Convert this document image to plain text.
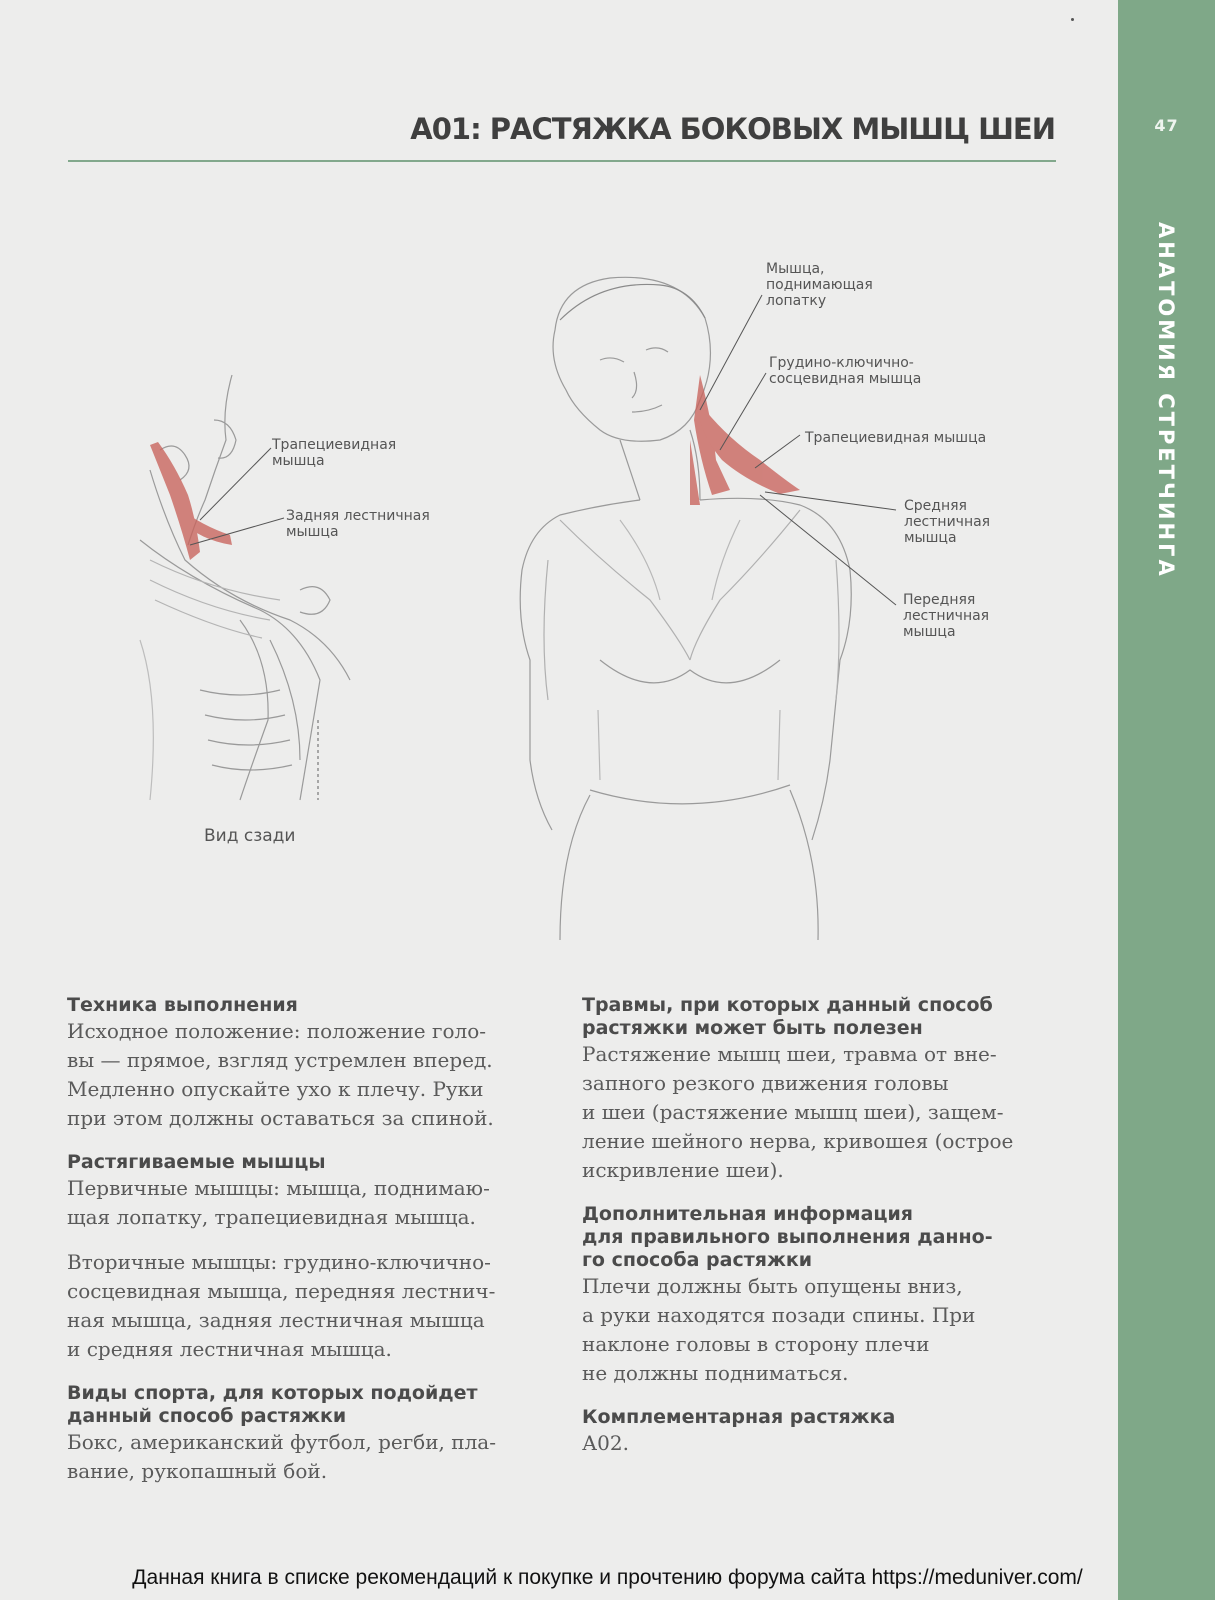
47
АНАТОМИЯ СТРЕТЧИНГА
A01: РАСТЯЖКА БОКОВЫХ МЫШЦ ШЕИ
Трапециевидная
мышца
Задняя лестничная
мышца
Мышца,
поднимающая
лопатку
Грудино-ключично-
сосцевидная мышца
Трапециевидная мышца
Средняя
лестничная
мышца
Передняя
лестничная
мышца
Вид сзади

Техника выполнения

Исходное положение: положение голо-
вы — прямое, взгляд устремлен вперед.
Медленно опускайте ухо к плечу. Руки
при этом должны оставаться за спиной.

Растягиваемые мышцы

Первичные мышцы: мышца, поднимаю-
щая лопатку, трапециевидная мышца.

Вторичные мышцы: грудино-ключично-
сосцевидная мышца, передняя лестнич-
ная мышца, задняя лестничная мышца
и средняя лестничная мышца.

Виды спорта, для которых подойдет
данный способ растяжки

Бокс, американский футбол, регби, пла-
вание, рукопашный бой.

Травмы, при которых данный способ
растяжки может быть полезен

Растяжение мышц шеи, травма от вне-
запного резкого движения головы
и шеи (растяжение мышц шеи), защем-
ление шейного нерва, кривошея (острое
искривление шеи).

Дополнительная информация
для правильного выполнения данно-
го способа растяжки

Плечи должны быть опущены вниз,
а руки находятся позади спины. При
наклоне головы в сторону плечи
не должны подниматься.

Комплементарная растяжка

А02.

Данная книга в списке рекомендаций к покупке и прочтению форума сайта https://meduniver.com/
